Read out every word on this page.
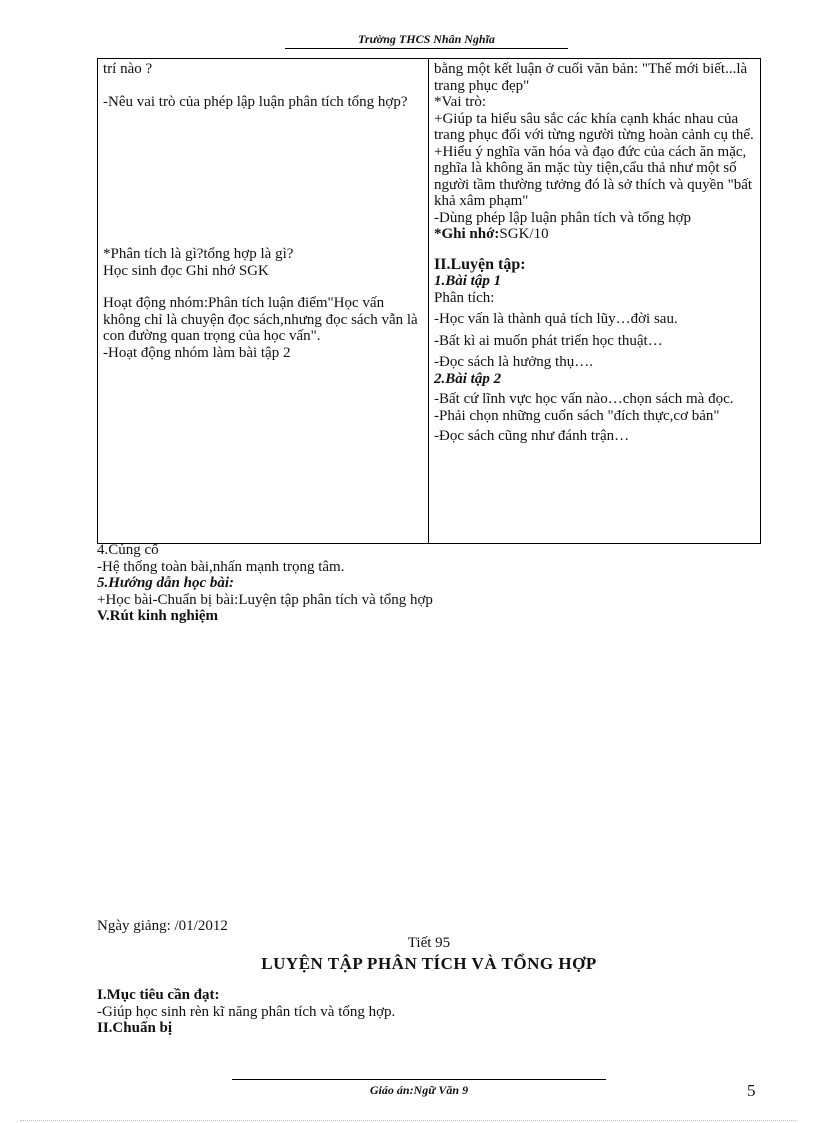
Trường THCS Nhân Nghĩa
trí nào ?
-Nêu vai trò của phép lập luận phân tích tổng hợp?
*Phân tích là gì?tổng hợp là gì?
Học sinh đọc Ghi nhớ SGK
Hoạt động nhóm:Phân tích luận điểm"Học vấn không chỉ là chuyện đọc sách,nhưng đọc sách vẫn là con đường quan trọng của học vấn".
-Hoạt động nhóm làm bài tập 2

bằng một kết luận ở cuối văn bản: "Thế mới biết...là trang phục đẹp"
*Vai trò:
+Giúp ta hiểu sâu sắc các khía cạnh khác nhau của trang phục đối với từng người từng hoàn cảnh cụ thể.
+Hiểu ý nghĩa văn hóa và đạo đức của cách ăn mặc, nghĩa là không ăn mặc tùy tiện,cẩu thả như một số người tầm thường tưởng đó là sở thích và quyền "bất khả xâm phạm"
-Dùng phép lập luận phân tích và tổng hợp
*Ghi nhớ:SGK/10
II.Luyện tập:
1.Bài tập 1
Phân tích:
-Học vấn là thành quả tích lũy…đời sau.
-Bất kì ai muốn phát triển học thuật…
-Đọc sách là hưởng thụ….
2.Bài tập 2
-Bất cứ lĩnh vực học vấn nào…chọn sách mà đọc.
-Phải chọn những cuốn sách "đích thực,cơ bản"
-Đọc sách cũng như đánh trận…
4.Củng cố
-Hệ thống toàn bài,nhấn mạnh trọng tâm.
5.Hướng dẫn học bài:
+Học bài-Chuẩn bị bài:Luyện tập phân tích và tổng hợp
V.Rút kinh nghiệm
Ngày giảng: /01/2012
Tiết 95
LUYỆN TẬP PHÂN TÍCH VÀ TỔNG HỢP
I.Mục tiêu cần đạt:
-Giúp học sinh rèn kĩ năng phân tích và tổng hợp.
II.Chuẩn bị
Giáo án:Ngữ Văn 9	5
